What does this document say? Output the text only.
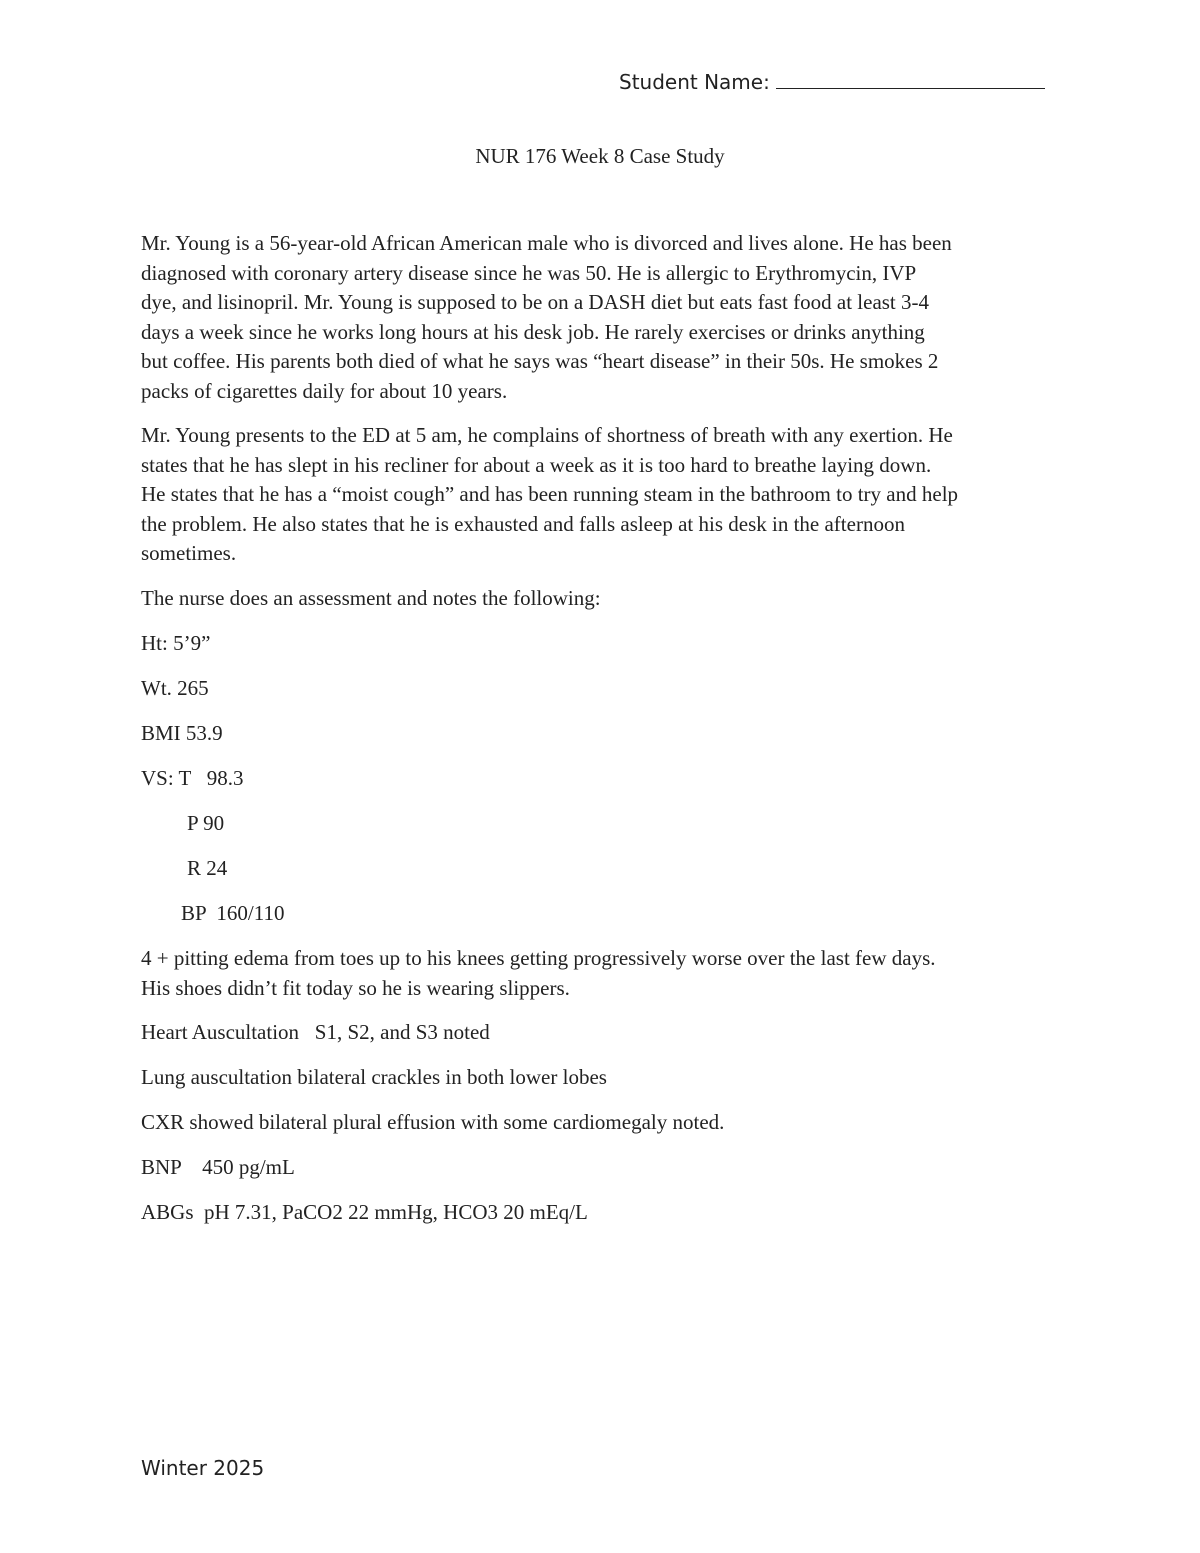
Student Name:
NUR 176 Week 8 Case Study

Mr. Young is a 56-year-old African American male who is divorced and lives alone. He has been
diagnosed with coronary artery disease since he was 50. He is allergic to Erythromycin, IVP
dye, and lisinopril. Mr. Young is supposed to be on a DASH diet but eats fast food at least 3-4
days a week since he works long hours at his desk job. He rarely exercises or drinks anything
but coffee. His parents both died of what he says was “heart disease” in their 50s. He smokes 2
packs of cigarettes daily for about 10 years.

Mr. Young presents to the ED at 5 am, he complains of shortness of breath with any exertion. He
states that he has slept in his recliner for about a week as it is too hard to breathe laying down.
He states that he has a “moist cough” and has been running steam in the bathroom to try and help
the problem. He also states that he is exhausted and falls asleep at his desk in the afternoon
sometimes.

The nurse does an assessment and notes the following:

Ht: 5’9”

Wt. 265

BMI 53.9

VS: T   98.3

P 90

R 24

BP  160/110

4 + pitting edema from toes up to his knees getting progressively worse over the last few days.
His shoes didn’t fit today so he is wearing slippers.

Heart Auscultation   S1, S2, and S3 noted

Lung auscultation bilateral crackles in both lower lobes

CXR showed bilateral plural effusion with some cardiomegaly noted.

BNP    450 pg/mL

ABGs  pH 7.31, PaCO2 22 mmHg, HCO3 20 mEq/L

Winter 2025
